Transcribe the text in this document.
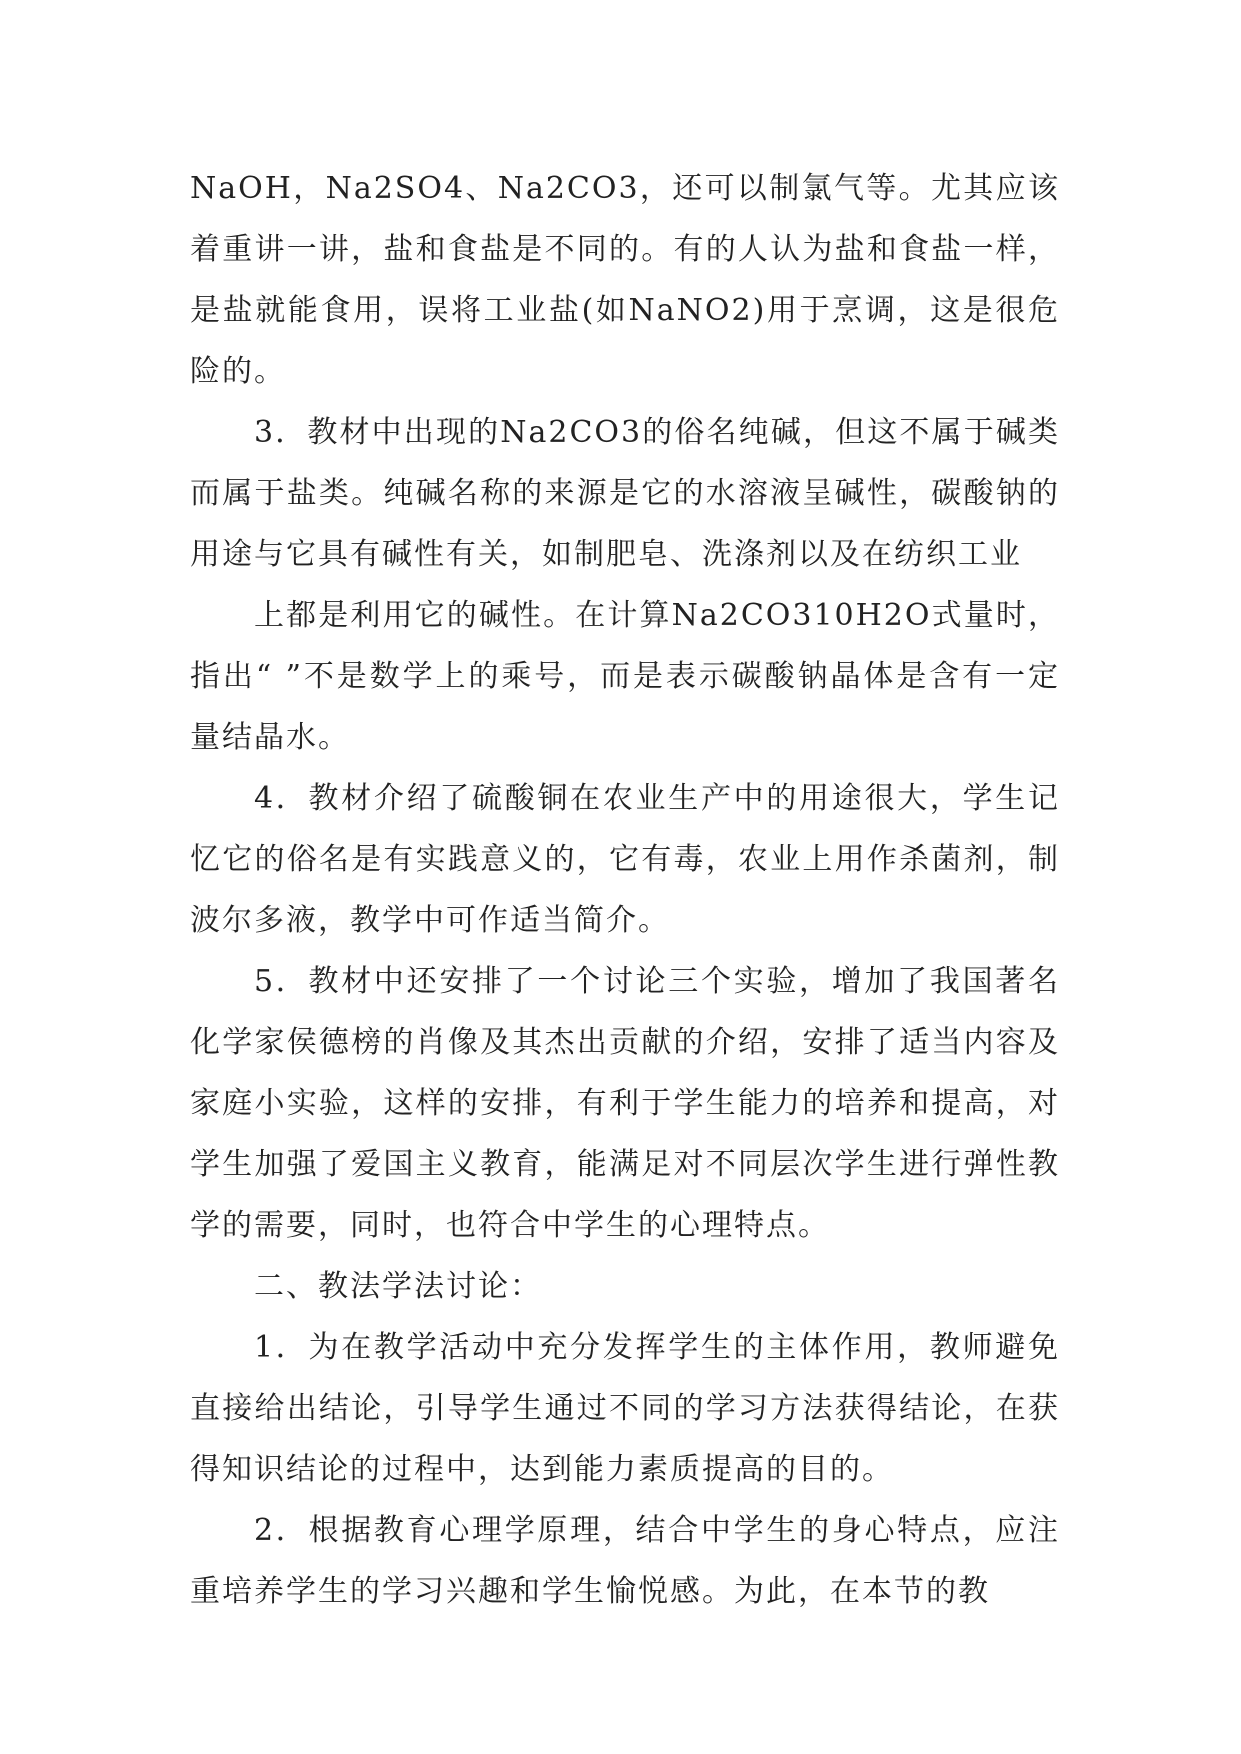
NaOH，Na2SO4、Na2CO3，还可以制氯气等。尤其应该着重讲一讲，盐和食盐是不同的。有的人认为盐和食盐一样，是盐就能食用，误将工业盐(如NaNO2)用于烹调，这是很危险的。

3．教材中出现的Na2CO3的俗名纯碱，但这不属于碱类而属于盐类。纯碱名称的来源是它的水溶液呈碱性，碳酸钠的用途与它具有碱性有关，如制肥皂、洗涤剂以及在纺织工业

上都是利用它的碱性。在计算Na2CO310H2O式量时，指出“ ”不是数学上的乘号，而是表示碳酸钠晶体是含有一定量结晶水。

4．教材介绍了硫酸铜在农业生产中的用途很大，学生记忆它的俗名是有实践意义的，它有毒，农业上用作杀菌剂，制波尔多液，教学中可作适当简介。

5．教材中还安排了一个讨论三个实验，增加了我国著名化学家侯德榜的肖像及其杰出贡献的介绍，安排了适当内容及家庭小实验，这样的安排，有利于学生能力的培养和提高，对学生加强了爱国主义教育，能满足对不同层次学生进行弹性教学的需要，同时，也符合中学生的心理特点。

二、教法学法讨论：

1．为在教学活动中充分发挥学生的主体作用，教师避免直接给出结论，引导学生通过不同的学习方法获得结论，在获得知识结论的过程中，达到能力素质提高的目的。

2．根据教育心理学原理，结合中学生的身心特点，应注重培养学生的学习兴趣和学生愉悦感。为此，在本节的教
